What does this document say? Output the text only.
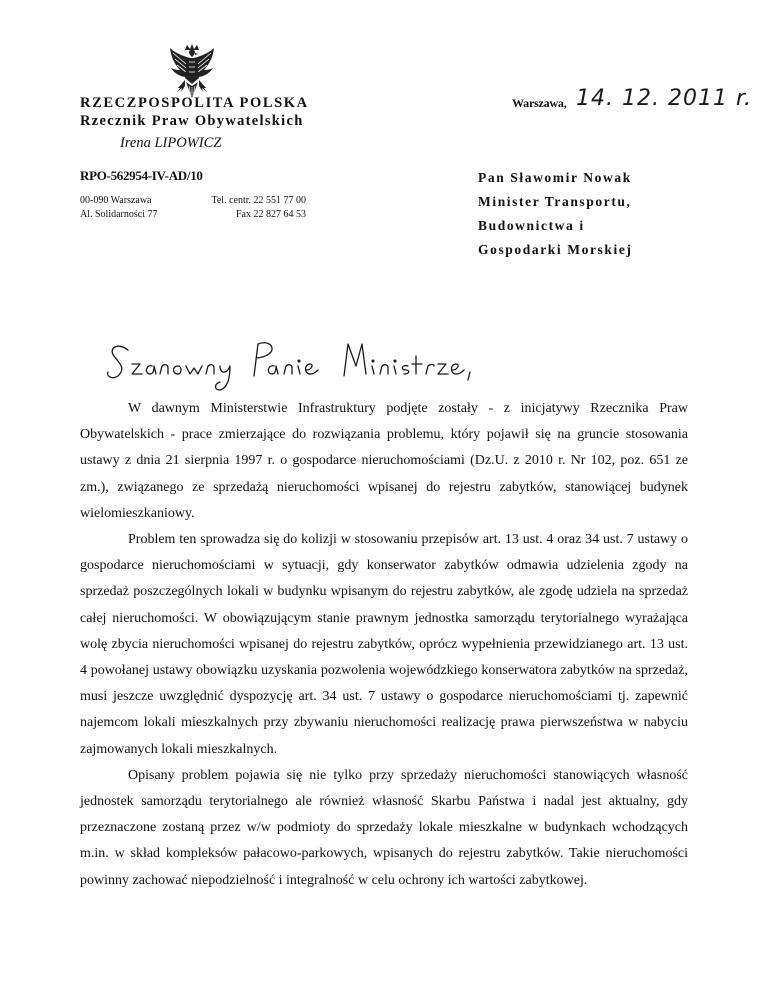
RZECZPOSPOLITA POLSKA
Rzecznik Praw Obywatelskich
Irena LIPOWICZ
RPO-562954-IV-AD/10
00-090 Warszawa
Al. Solidarności 77
Tel. centr. 22 551 77 00
Fax 22 827 64 53
Warszawa, 14. 12. 2011 r.
Pan Sławomir Nowak
Minister Transportu,
Budownictwa i
Gospodarki Morskiej

W dawnym Ministerstwie Infrastruktury podjęte zostały - z inicjatywy Rzecznika Praw Obywatelskich - prace zmierzające do rozwiązania problemu, który pojawił się na gruncie stosowania ustawy z dnia 21 sierpnia 1997 r. o gospodarce nieruchomościami (Dz.U. z 2010 r. Nr 102, poz. 651 ze zm.), związanego ze sprzedażą nieruchomości wpisanej do rejestru zabytków, stanowiącej budynek wielomieszkaniowy.

Problem ten sprowadza się do kolizji w stosowaniu przepisów art. 13 ust. 4 oraz 34 ust. 7 ustawy o gospodarce nieruchomościami w sytuacji, gdy konserwator zabytków odmawia udzielenia zgody na sprzedaż poszczególnych lokali w budynku wpisanym do rejestru zabytków, ale zgodę udziela na sprzedaż całej nieruchomości. W obowiązującym stanie prawnym jednostka samorządu terytorialnego wyrażająca wolę zbycia nieruchomości wpisanej do rejestru zabytków, oprócz wypełnienia przewidzianego art. 13 ust. 4 powołanej ustawy obowiązku uzyskania pozwolenia wojewódzkiego konserwatora zabytków na sprzedaż, musi jeszcze uwzględnić dyspozycję art. 34 ust. 7 ustawy o gospodarce nieruchomościami tj. zapewnić najemcom lokali mieszkalnych przy zbywaniu nieruchomości realizację prawa pierwszeństwa w nabyciu zajmowanych lokali mieszkalnych.

Opisany problem pojawia się nie tylko przy sprzedaży nieruchomości stanowiących własność jednostek samorządu terytorialnego ale również własność Skarbu Państwa i nadal jest aktualny, gdy przeznaczone zostaną przez w/w podmioty do sprzedaży lokale mieszkalne w budynkach wchodzących m.in. w skład kompleksów pałacowo-parkowych, wpisanych do rejestru zabytków. Takie nieruchomości powinny zachować niepodzielność i integralność w celu ochrony ich wartości zabytkowej.
